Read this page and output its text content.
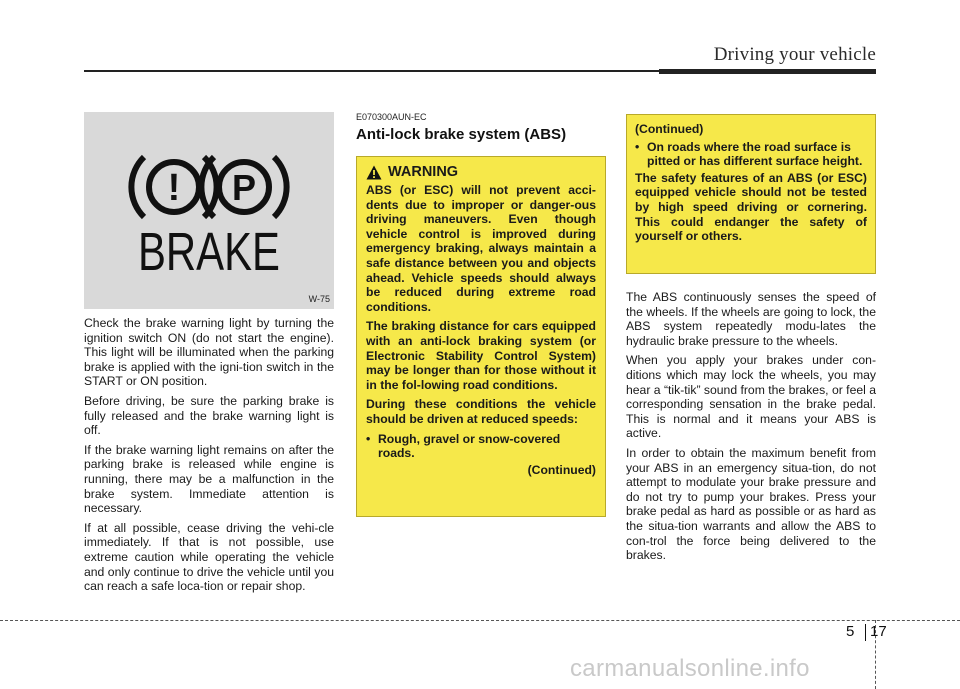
Driving your vehicle
! P
BRAKE
W-75

Check the brake warning light by turning the ignition switch ON (do not start the engine). This light will be illuminated when the parking brake is applied with the igni-tion switch in the START or ON position.

Before driving, be sure the parking brake is fully released and the brake warning light is off.

If the brake warning light remains on after the parking brake is released while engine is running, there may be a malfunction in the brake system. Immediate attention is necessary.

If at all possible, cease driving the vehi-cle immediately. If that is not possible, use extreme caution while operating the vehicle and only continue to drive the vehicle until you can reach a safe loca-tion or repair shop.

E070300AUN-EC
Anti-lock brake system (ABS)
WARNING

ABS (or ESC) will not prevent acci-dents due to improper or danger-ous driving maneuvers. Even though vehicle control is improved during emergency braking, always maintain a safe distance between you and objects ahead. Vehicle speeds should always be reduced during extreme road conditions.

The braking distance for cars equipped with an anti-lock braking system (or Electronic Stability Control System) may be longer than for those without it in the fol-lowing road conditions.

During these conditions the vehicle should be driven at reduced speeds:

• Rough, gravel or snow-covered roads.
(Continued)

(Continued)

• On roads where the road surface is pitted or has different surface height.

The safety features of an ABS (or ESC) equipped vehicle should not be tested by high speed driving or cornering. This could endanger the safety of yourself or others.

The ABS continuously senses the speed of the wheels. If the wheels are going to lock, the ABS system repeatedly modu-lates the hydraulic brake pressure to the wheels.

When you apply your brakes under con-ditions which may lock the wheels, you may hear a “tik-tik” sound from the brakes, or feel a corresponding sensation in the brake pedal. This is normal and it means your ABS is active.

In order to obtain the maximum benefit from your ABS in an emergency situa-tion, do not attempt to modulate your brake pressure and do not try to pump your brakes. Press your brake pedal as hard as possible or as hard as the situa-tion warrants and allow the ABS to con-trol the force being delivered to the brakes.

5 17
carmanualsonline.info
